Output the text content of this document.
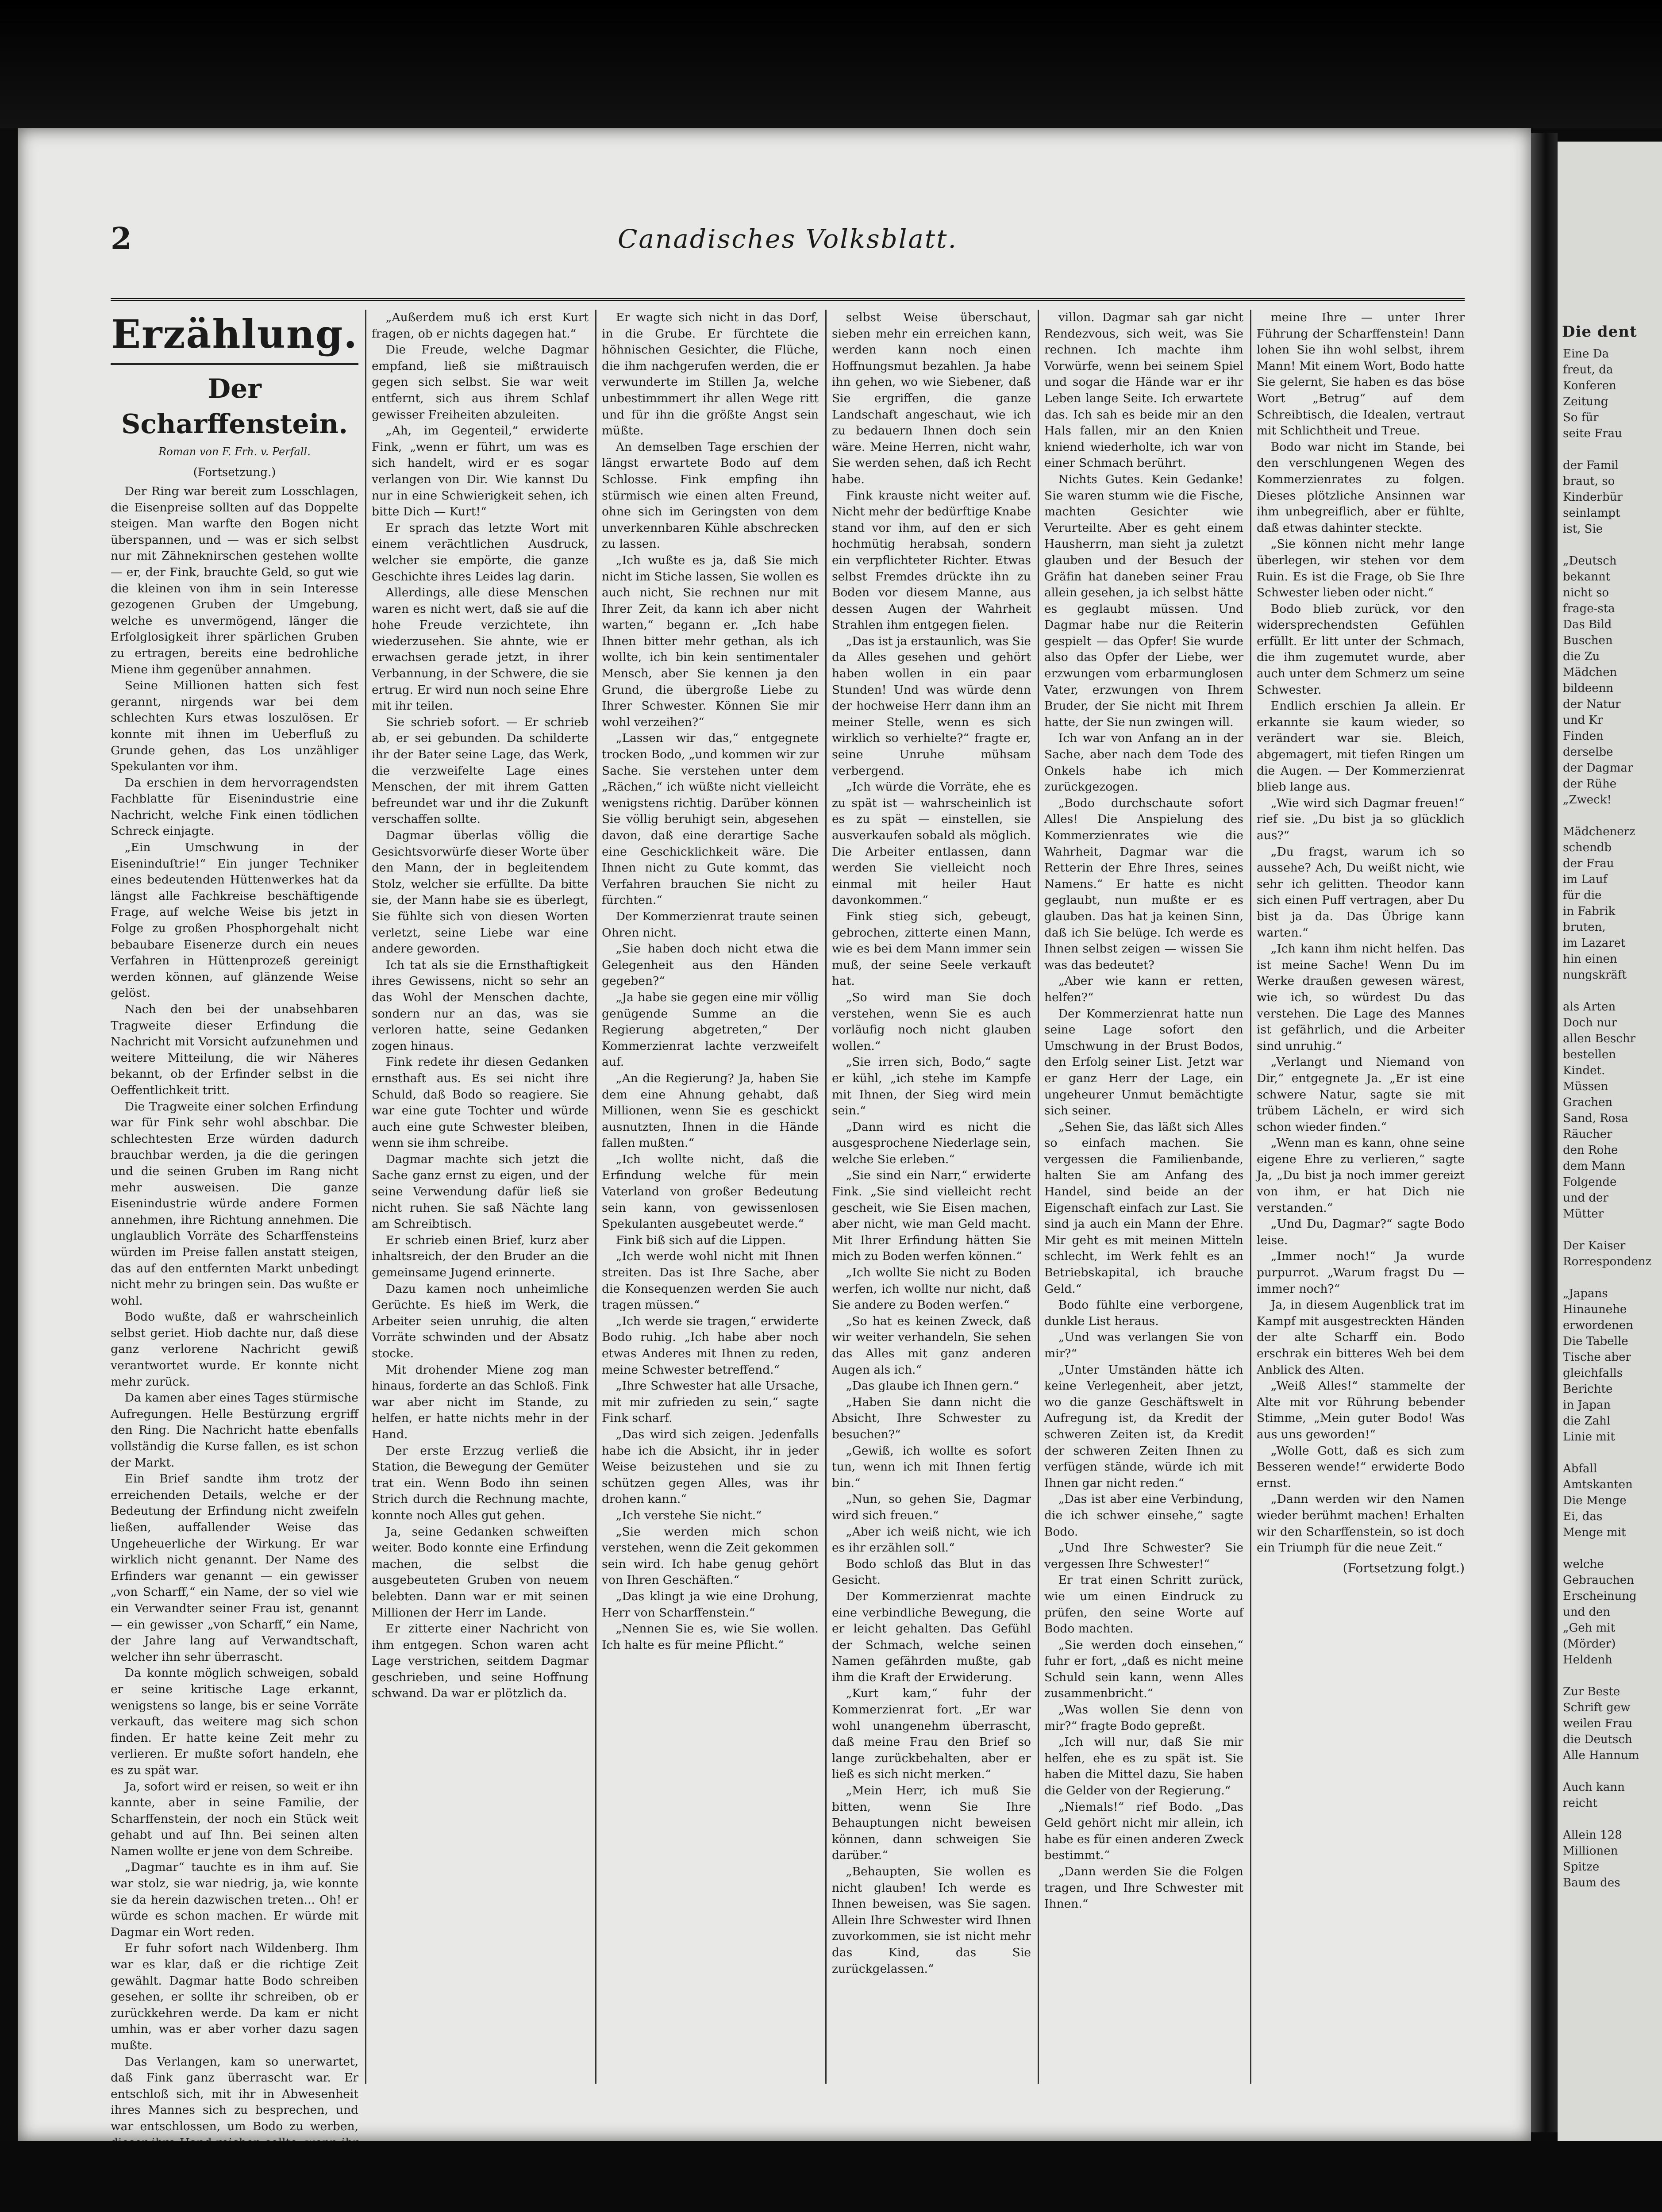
2	Canadisches Volksblatt.
Erzählung.
Der Scharffenstein.
Roman von F. Frh. v. Perfall.
(Fortsetzung.)

Der Ring war bereit zum Losschlagen, die Eisenpreise sollten auf das Doppelte steigen. Man warfte den Bogen nicht überspannen, und — was er sich selbst nur mit Zähneknirschen gestehen wollte — er, der Fink, brauchte Geld, so gut wie die kleinen von ihm in sein Interesse gezogenen Gruben der Umgebung, welche es unvermögend, länger die Erfolglosigkeit ihrer spärlichen Gruben zu ertragen, bereits eine bedrohliche Miene ihm gegenüber annahmen.

Seine Millionen hatten sich fest gerannt, nirgends war bei dem schlechten Kurs etwas loszulösen. Er konnte mit ihnen im Ueberfluß zu Grunde gehen, das Los unzähliger Spekulanten vor ihm.

Da erschien in dem hervorragendsten Fachblatte für Eisenindustrie eine Nachricht, welche Fink einen tödlichen Schreck einjagte.

„Ein Umschwung in der Eiseninduſtrie!“ Ein junger Techniker eines bedeutenden Hüttenwerkes hat da längst alle Fachkreise beschäftigende Frage, auf welche Weise bis jetzt in Folge zu großen Phosphorgehalt nicht bebaubare Eisenerze durch ein neues Verfahren in Hüttenprozeß gereinigt werden können, auf glänzende Weise gelöst.

Nach den bei der unabsehbaren Tragweite dieser Erfindung die Nachricht mit Vorsicht aufzunehmen und weitere Mitteilung, die wir Näheres bekannt, ob der Erfinder selbst in die Oeffentlichkeit tritt.

Die Tragweite einer solchen Erfindung war für Fink sehr wohl abschbar. Die schlechtesten Erze würden dadurch brauchbar werden, ja die die geringen und die seinen Gruben im Rang nicht mehr ausweisen. Die ganze Eisenindustrie würde andere Formen annehmen, ihre Richtung annehmen. Die unglaublich Vorräte des Scharffensteins würden im Preise fallen anstatt steigen, das auf den entfernten Markt unbedingt nicht mehr zu bringen sein. Das wußte er wohl.

Bodo wußte, daß er wahrscheinlich selbst geriet. Hiob dachte nur, daß diese ganz verlorene Nachricht gewiß verantwortet wurde. Er konnte nicht mehr zurück.

Da kamen aber eines Tages stürmische Aufregungen. Helle Bestürzung ergriff den Ring. Die Nachricht hatte ebenfalls vollständig die Kurse fallen, es ist schon der Markt.

Ein Brief sandte ihm trotz der erreichenden Details, welche er der Bedeutung der Erfindung nicht zweifeln ließen, auffallender Weise das Ungeheuerliche der Wirkung. Er war wirklich nicht genannt. Der Name des Erfinders war genannt — ein gewisser „von Scharff,“ ein Name, der so viel wie ein Verwandter seiner Frau ist, genannt — ein gewisser „von Scharff,“ ein Name, der Jahre lang auf Verwandtschaft, welcher ihn sehr überrascht.

Da konnte möglich schweigen, sobald er seine kritische Lage erkannt, wenigstens so lange, bis er seine Vorräte verkauft, das weitere mag sich schon finden. Er hatte keine Zeit mehr zu verlieren. Er mußte sofort handeln, ehe es zu spät war.

Ja, sofort wird er reisen, so weit er ihn kannte, aber in seine Familie, der Scharffenstein, der noch ein Stück weit gehabt und auf Ihn. Bei seinen alten Namen wollte er jene von dem Schreibe.

„Dagmar“ tauchte es in ihm auf. Sie war stolz, sie war niedrig, ja, wie konnte sie da herein dazwischen treten... Oh! er würde es schon machen. Er würde mit Dagmar ein Wort reden.

Er fuhr sofort nach Wildenberg. Ihm war es klar, daß er die richtige Zeit gewählt. Dagmar hatte Bodo schreiben gesehen, er sollte ihr schreiben, ob er zurückkehren werde. Da kam er nicht umhin, was er aber vorher dazu sagen mußte.

Das Verlangen, kam so unerwartet, daß Fink ganz überrascht war. Er entschloß sich, mit ihr in Abwesenheit ihres Mannes sich zu besprechen, und war entschlossen, um Bodo zu werben,

„Außerdem muß ich erst Kurt fragen, ob er nichts dagegen hat.“

Die Freude, welche Dagmar empfand, ließ sie mißtrauisch gegen sich selbst. Sie war weit entfernt, sich aus ihrem Schlaf gewisser Freiheiten abzuleiten.

„Ah, im Gegenteil,“ erwiderte Fink, „wenn er führt, um was es sich handelt, wird er es sogar verlangen von Dir. Wie kannst Du nur in eine Schwierigkeit sehen, ich bitte Dich — Kurt!“

Er sprach das letzte Wort mit einem verächtlichen Ausdruck, welcher sie empörte, die ganze Geschichte ihres Leides lag darin.

Allerdings, alle diese Menschen waren es nicht wert, daß sie auf die hohe Freude verzichtete, ihn wiederzusehen. Sie ahnte, wie er erwachsen gerade jetzt, in ihrer Verbannung, in der Schwere, die sie ertrug. Er wird nun noch seine Ehre mit ihr teilen.

Sie schrieb sofort. — Er schrieb ab, er sei gebunden. Da schilderte ihr der Bater seine Lage, das Werk, die verzweifelte Lage eines Menschen, der mit ihrem Gatten befreundet war und ihr die Zukunft verschaffen sollte.

Dagmar überlas völlig die Gesichtsvorwürfe dieser Worte über den Mann, der in begleitendem Stolz, welcher sie erfüllte. Da bitte sie, der Mann habe sie es überlegt, Sie fühlte sich von diesen Worten verletzt, seine Liebe war eine andere geworden.

Ich tat als sie die Ernsthaftigkeit ihres Gewissens, nicht so sehr an das Wohl der Menschen dachte, sondern nur an das, was sie verloren hatte, seine Gedanken zogen hinaus.

Fink redete ihr diesen Gedanken ernsthaft aus. Es sei nicht ihre Schuld, daß Bodo so reagiere. Sie war eine gute Tochter und würde auch eine gute Schwester bleiben, wenn sie ihm schreibe.

Dagmar machte sich jetzt die Sache ganz ernst zu eigen, und der seine Verwendung dafür ließ sie nicht ruhen. Sie saß Nächte lang am Schreibtisch.

Er schrieb einen Brief, kurz aber inhaltsreich, der den Bruder an die gemeinsame Jugend erinnerte.

Dazu kamen noch unheimliche Gerüchte. Es hieß im Werk, die Arbeiter seien unruhig, die alten Vorräte schwinden und der Absatz stocke.

Mit drohender Miene zog man hinaus, forderte an das Schloß. Fink war aber nicht im Stande, zu helfen, er hatte nichts mehr in der Hand.

Der erste Erzzug verließ die Station, die Bewegung der Gemüter trat ein. Wenn Bodo ihn seinen Strich durch die Rechnung machte, konnte noch Alles gut gehen.

Ja, seine Gedanken schweiften weiter. Bodo konnte eine Erfindung machen, die selbst die ausgebeuteten Gruben von neuem belebten. Dann war er mit seinen Millionen der Herr im Lande.

Er zitterte einer Nachricht von ihm entgegen. Schon waren acht Lage verstrichen, seitdem Dagmar geschrieben, und seine Hoffnung schwand. Da war er plötzlich da.

Er wagte sich nicht in das Dorf, in die Grube. Er fürchtete die höhnischen Gesichter, die Flüche, die ihm nachgerufen werden, die er verwunderte im Stillen Ja, welche unbestimmmert ihr allen Wege ritt und für ihn die größte Angst sein müßte.

An demselben Tage erschien der längst erwartete Bodo auf dem Schlosse. Fink empfing ihn stürmisch wie einen alten Freund, ohne sich im Geringsten von dem unverkennbaren Kühle abschrecken zu lassen.

„Ich wußte es ja, daß Sie mich nicht im Stiche lassen, Sie wollen es auch nicht, Sie rechnen nur mit Ihrer Zeit, da kann ich aber nicht warten,“ begann er. „Ich habe Ihnen bitter mehr gethan, als ich wollte, ich bin kein sentimentaler Mensch, aber Sie kennen ja den Grund, die übergroße Liebe zu Ihrer Schwester. Können Sie mir wohl verzeihen?“

„Lassen wir das,“ entgegnete trocken Bodo, „und kommen wir zur Sache. Sie verstehen unter dem „Rächen,“ ich wüßte nicht vielleicht wenigstens richtig. Darüber können Sie völlig beruhigt sein, abgesehen davon, daß eine derartige Sache eine Geschicklichkeit wäre. Die Ihnen nicht zu Gute kommt, das Verfahren brauchen Sie nicht zu fürchten.“

Der Kommerzienrat traute seinen Ohren nicht.

„Sie haben doch nicht etwa die Gelegenheit aus den Händen gegeben?“

„Ja habe sie gegen eine mir völlig genügende Summe an die Regierung abgetreten,“ Der Kommerzienrat lachte verzweifelt auf.

„An die Regierung? Ja, haben Sie dem eine Ahnung gehabt, daß Millionen, wenn Sie es geschickt ausnutzten, Ihnen in die Hände fallen mußten.“

„Ich wollte nicht, daß die Erfindung welche für mein Vaterland von großer Bedeutung sein kann, von gewissenlosen Spekulanten ausgebeutet werde.“

Fink biß sich auf die Lippen.

„Ich werde wohl nicht mit Ihnen streiten. Das ist Ihre Sache, aber die Konsequenzen werden Sie auch tragen müssen.“

„Ich werde sie tragen,“ erwiderte Bodo ruhig. „Ich habe aber noch etwas Anderes mit Ihnen zu reden, meine Schwester betreffend.“

„Ihre Schwester hat alle Ursache, mit mir zufrieden zu sein,“ sagte Fink scharf.

„Das wird sich zeigen. Jedenfalls habe ich die Absicht, ihr in jeder Weise beizustehen und sie zu schützen gegen Alles, was ihr drohen kann.“

„Ich verstehe Sie nicht.“

„Sie werden mich schon verstehen, wenn die Zeit gekommen sein wird. Ich habe genug gehört von Ihren Geschäften.“

„Das klingt ja wie eine Drohung, Herr von Scharffenstein.“

„Nennen Sie es, wie Sie wollen. Ich halte es für meine Pflicht.“

selbst Weise überschaut, sieben mehr ein erreichen kann, werden kann noch einen Hoffnungsmut bezahlen. Ja habe ihn gehen, wo wie Siebener, daß Sie ergriffen, die ganze Landschaft angeschaut, wie ich zu bedauern Ihnen doch sein wäre. Meine Herren, nicht wahr, Sie werden sehen, daß ich Recht habe.

Fink krauste nicht weiter auf. Nicht mehr der bedürftige Knabe stand vor ihm, auf den er sich hochmütig herabsah, sondern ein verpflichteter Richter. Etwas selbst Fremdes drückte ihn zu Boden vor diesem Manne, aus dessen Augen der Wahrheit Strahlen ihm entgegen fielen.

„Das ist ja erstaunlich, was Sie da Alles gesehen und gehört haben wollen in ein paar Stunden! Und was würde denn der hochweise Herr dann ihm an meiner Stelle, wenn es sich wirklich so verhielte?“ fragte er, seine Unruhe mühsam verbergend.

„Ich würde die Vorräte, ehe es zu spät ist — wahrscheinlich ist es zu spät — einstellen, sie ausverkaufen sobald als möglich. Die Arbeiter entlassen, dann werden Sie vielleicht noch einmal mit heiler Haut davonkommen.“

Fink stieg sich, gebeugt, gebrochen, zitterte einen Mann, wie es bei dem Mann immer sein muß, der seine Seele verkauft hat.

„So wird man Sie doch verstehen, wenn Sie es auch vorläufig noch nicht glauben wollen.“

„Sie irren sich, Bodo,“ sagte er kühl, „ich stehe im Kampfe mit Ihnen, der Sieg wird mein sein.“

„Dann wird es nicht die ausgesprochene Niederlage sein, welche Sie erleben.“

„Sie sind ein Narr,“ erwiderte Fink. „Sie sind vielleicht recht gescheit, wie Sie Eisen machen, aber nicht, wie man Geld macht. Mit Ihrer Erfindung hätten Sie mich zu Boden werfen können.“

„Ich wollte Sie nicht zu Boden werfen, ich wollte nur nicht, daß Sie andere zu Boden werfen.“

„So hat es keinen Zweck, daß wir weiter verhandeln, Sie sehen das Alles mit ganz anderen Augen als ich.“

„Das glaube ich Ihnen gern.“

„Haben Sie dann nicht die Absicht, Ihre Schwester zu besuchen?“

„Gewiß, ich wollte es sofort tun, wenn ich mit Ihnen fertig bin.“

„Nun, so gehen Sie, Dagmar wird sich freuen.“

„Aber ich weiß nicht, wie ich es ihr erzählen soll.“

Bodo schloß das Blut in das Gesicht.

Der Kommerzienrat machte eine verbindliche Bewegung, die er leicht gehalten. Das Gefühl der Schmach, welche seinen Namen gefährden mußte, gab ihm die Kraft der Erwiderung.

„Kurt kam,“ fuhr der Kommerzienrat fort. „Er war wohl unangenehm überrascht, daß meine Frau den Brief so lange zurückbehalten, aber er ließ es sich nicht merken.“

„Mein Herr, ich muß Sie bitten, wenn Sie Ihre Behauptungen nicht beweisen können, dann schweigen Sie darüber.“

„Behaupten, Sie wollen es nicht glauben! Ich werde es Ihnen beweisen, was Sie sagen. Allein Ihre Schwester wird Ihnen zuvorkommen, sie ist nicht mehr das Kind, das Sie zurückgelassen.“

villon. Dagmar sah gar nicht Rendezvous, sich weit, was Sie rechnen. Ich machte ihm Vorwürfe, wenn bei seinem Spiel und sogar die Hände war er ihr Leben lange Seite. Ich erwartete das. Ich sah es beide mir an den Hals fallen, mir an den Knien kniend wiederholte, ich war von einer Schmach berührt.

Nichts Gutes. Kein Gedanke! Sie waren stumm wie die Fische, machten Gesichter wie Verurteilte. Aber es geht einem Hausherrn, man sieht ja zuletzt glauben und der Besuch der Gräfin hat daneben seiner Frau allein gesehen, ja ich selbst hätte es geglaubt müssen. Und Dagmar habe nur die Reiterin gespielt — das Opfer! Sie wurde also das Opfer der Liebe, wer erzwungen vom erbarmunglosen Vater, erzwungen von Ihrem Bruder, der Sie nicht mit Ihrem hatte, der Sie nun zwingen will.

Ich war von Anfang an in der Sache, aber nach dem Tode des Onkels habe ich mich zurückgezogen.

„Bodo durchschaute sofort Alles! Die Anspielung des Kommerzienrates wie die Wahrheit, Dagmar war die Retterin der Ehre Ihres, seines Namens.“ Er hatte es nicht geglaubt, nun mußte er es glauben. Das hat ja keinen Sinn, daß ich Sie belüge. Ich werde es Ihnen selbst zeigen — wissen Sie was das bedeutet?

„Aber wie kann er retten, helfen?“

Der Kommerzienrat hatte nun seine Lage sofort den Umschwung in der Brust Bodos, den Erfolg seiner List. Jetzt war er ganz Herr der Lage, ein ungeheurer Unmut bemächtigte sich seiner.

„Sehen Sie, das läßt sich Alles so einfach machen. Sie vergessen die Familienbande, halten Sie am Anfang des Handel, sind beide an der Eigenschaft einfach zur Last. Sie sind ja auch ein Mann der Ehre. Mir geht es mit meinen Mitteln schlecht, im Werk fehlt es an Betriebskapital, ich brauche Geld.“

Bodo fühlte eine verborgene, dunkle List heraus.

„Und was verlangen Sie von mir?“

„Unter Umständen hätte ich keine Verlegenheit, aber jetzt, wo die ganze Geschäftswelt in Aufregung ist, da Kredit der schweren Zeiten ist, da Kredit der schweren Zeiten Ihnen zu verfügen stände, würde ich mit Ihnen gar nicht reden.“

„Das ist aber eine Verbindung, die ich schwer einsehe,“ sagte Bodo.

„Und Ihre Schwester? Sie vergessen Ihre Schwester!“

Er trat einen Schritt zurück, wie um einen Eindruck zu prüfen, den seine Worte auf Bodo machten.

„Sie werden doch einsehen,“ fuhr er fort, „daß es nicht meine Schuld sein kann, wenn Alles zusammenbricht.“

„Was wollen Sie denn von mir?“ fragte Bodo gepreßt.

„Ich will nur, daß Sie mir helfen, ehe es zu spät ist. Sie haben die Mittel dazu, Sie haben die Gelder von der Regierung.“

„Niemals!“ rief Bodo. „Das Geld gehört nicht mir allein, ich habe es für einen anderen Zweck bestimmt.“

„Dann werden Sie die Folgen tragen, und Ihre Schwester mit Ihnen.“

meine Ihre — unter Ihrer Führung der Scharffenstein! Dann lohen Sie ihn wohl selbst, ihrem Mann! Mit einem Wort, Bodo hatte Sie gelernt, Sie haben es das böse Wort „Betrug“ auf dem Schreibtisch, die Idealen, vertraut mit Schlichtheit und Treue.

Bodo war nicht im Stande, bei den verschlungenen Wegen des Kommerzienrates zu folgen. Dieses plötzliche Ansinnen war ihm unbegreiflich, aber er fühlte, daß etwas dahinter steckte.

„Sie können nicht mehr lange überlegen, wir stehen vor dem Ruin. Es ist die Frage, ob Sie Ihre Schwester lieben oder nicht.“

Bodo blieb zurück, vor den widersprechendsten Gefühlen erfüllt. Er litt unter der Schmach, die ihm zugemutet wurde, aber auch unter dem Schmerz um seine Schwester.

Endlich erschien Ja allein. Er erkannte sie kaum wieder, so verändert war sie. Bleich, abgemagert, mit tiefen Ringen um die Augen. — Der Kommerzienrat blieb lange aus.

„Wie wird sich Dagmar freuen!“ rief sie. „Du bist ja so glücklich aus?“

„Du fragst, warum ich so aussehe? Ach, Du weißt nicht, wie sehr ich gelitten. Theodor kann sich einen Puff vertragen, aber Du bist ja da. Das Übrige kann warten.“

„Ich kann ihm nicht helfen. Das ist meine Sache! Wenn Du im Werke draußen gewesen wärest, wie ich, so würdest Du das verstehen. Die Lage des Mannes ist gefährlich, und die Arbeiter sind unruhig.“

„Verlangt und Niemand von Dir,“ entgegnete Ja. „Er ist eine schwere Natur, sagte sie mit trübem Lächeln, er wird sich schon wieder finden.“

„Wenn man es kann, ohne seine eigene Ehre zu verlieren,“ sagte Ja, „Du bist ja noch immer gereizt von ihm, er hat Dich nie verstanden.“

„Und Du, Dagmar?“ sagte Bodo leise.

„Immer noch!“ Ja wurde purpurrot. „Warum fragst Du — immer noch?“

Ja, in diesem Augenblick trat im Kampf mit ausgestreckten Händen der alte Scharff ein. Bodo erschrak ein bitteres Weh bei dem Anblick des Alten.

„Weiß Alles!“ stammelte der Alte mit vor Rührung bebender Stimme, „Mein guter Bodo! Was aus uns geworden!“

„Wolle Gott, daß es sich zum Besseren wende!“ erwiderte Bodo ernst.

„Dann werden wir den Namen wieder berühmt machen! Erhalten wir den Scharffenstein, so ist doch ein Triumph für die neue Zeit.“

(Fortsetzung folgt.)
Die dent
Eine Da
freut, da
Konferen
Zeitung
So für
seite Frau

der Famil
braut, so
Kinderbür
seinlampt
ist, Sie

„Deutsch
bekannt
nicht so
frage-sta
Das Bild
Buschen
die Zu
Mädchen
bildeenn
der Natur
und Kr
Finden
derselbe
der Dagmar
der Rühe
„Zweck!

Mädchenerz
schendb
der Frau
im Lauf
für die
in Fabrik
bruten,
im Lazaret
hin einen
nungskräft

als Arten
Doch nur
allen Beschr
bestellen
Kindet.
Müssen
Grachen
Sand, Rosa
Räucher
den Rohe
dem Mann
Folgende
und der
Mütter

Der Kaiser
Rorrespondenz

„Japans
Hinaunehe
erwordenen
Die Tabelle
Tische aber
gleichfalls
Berichte
in Japan
die Zahl
Linie mit

Abfall
Amtskanten
Die Menge
Ei, das
Menge mit

welche
Gebrauchen
Erscheinung
und den
„Geh mit
(Mörder)
Heldenh

Zur Beste
Schrift gew
weilen Frau
die Deutsch
Alle Hannum

Auch kann
reicht

Allein 128
Millionen
Spitze
Baum des
